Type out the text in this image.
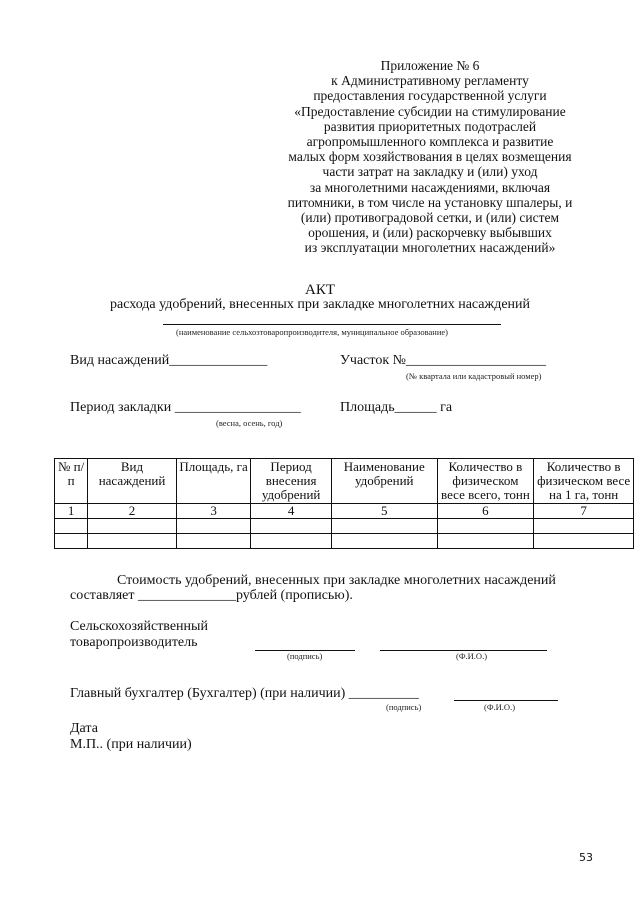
Приложение № 6
к Административному регламенту
предоставления государственной услуги
«Предоставлениe субсидии на стимулированиe
развития приоритетных подотраслей
агропромышленного комплекса и развитие
малых форм хозяйствования в целях возмещения
части затрат на закладку и (или) уход
за многолетними насаждениями, включая
питомники, в том числе на установку шпалеры, и
(или) противоградовой сетки, и (или) систем
орошения, и (или) раскорчевку выбывших
из эксплуатации многолетних насаждений»
АКТ
расхода удобрений, внесенных при закладке многолетних насаждений
(наименование сельхозтоваропроизводителя, муниципальное образование)
Вид насаждений______________	Участок №____________________
(№ квартала или кадастровый номер)
Период закладки __________________	Площадь______ га
(весна, осень, год)
№ п/п	Вид насаждений	Площадь, га	Период внесения удобрений	Наименование удобрений	Количество в физическом весе всего, тонн	Количество в физическом весе на 1 га, тонн
1	2	3	4	5	6	7

Стоимость удобрений, внесенных при закладке многолетних насаждений
составляет ______________рублей (прописью).
Сельскохозяйственный
товаропроизводитель
(подпись)	(Ф.И.О.)
Главный бухгалтер (Бухгалтер) (при наличии) __________
(подпись)	(Ф.И.О.)
Дата
М.П.. (при наличии)
53
